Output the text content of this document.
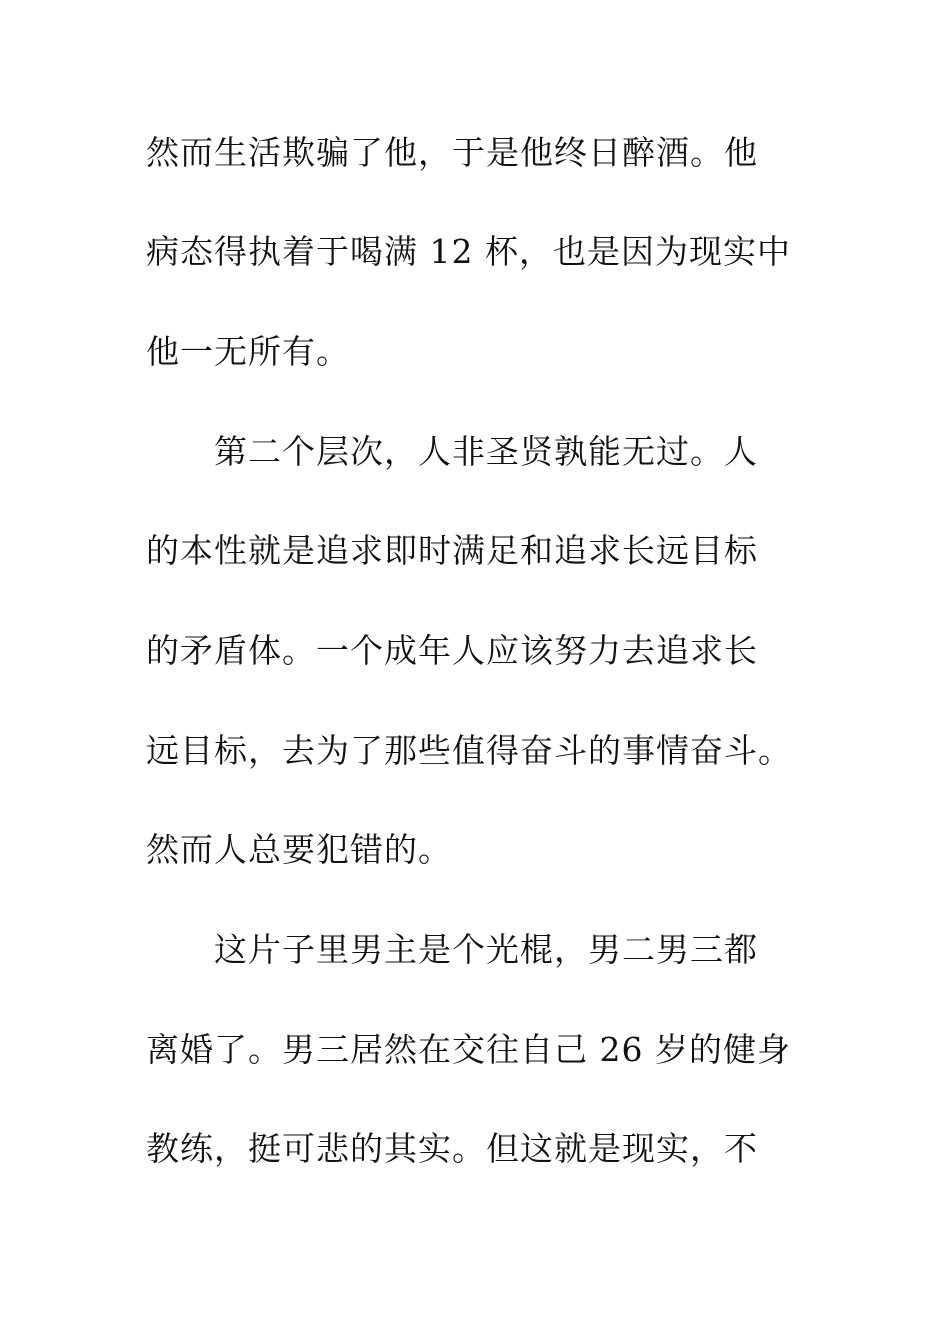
然而生活欺骗了他，于是他终日醉酒。他
病态得执着于喝满 12 杯，也是因为现实中
他一无所有。
第二个层次，人非圣贤孰能无过。人
的本性就是追求即时满足和追求长远目标
的矛盾体。一个成年人应该努力去追求长
远目标，去为了那些值得奋斗的事情奋斗。
然而人总要犯错的。
这片子里男主是个光棍，男二男三都
离婚了。男三居然在交往自己 26 岁的健身
教练，挺可悲的其实。但这就是现实，不
